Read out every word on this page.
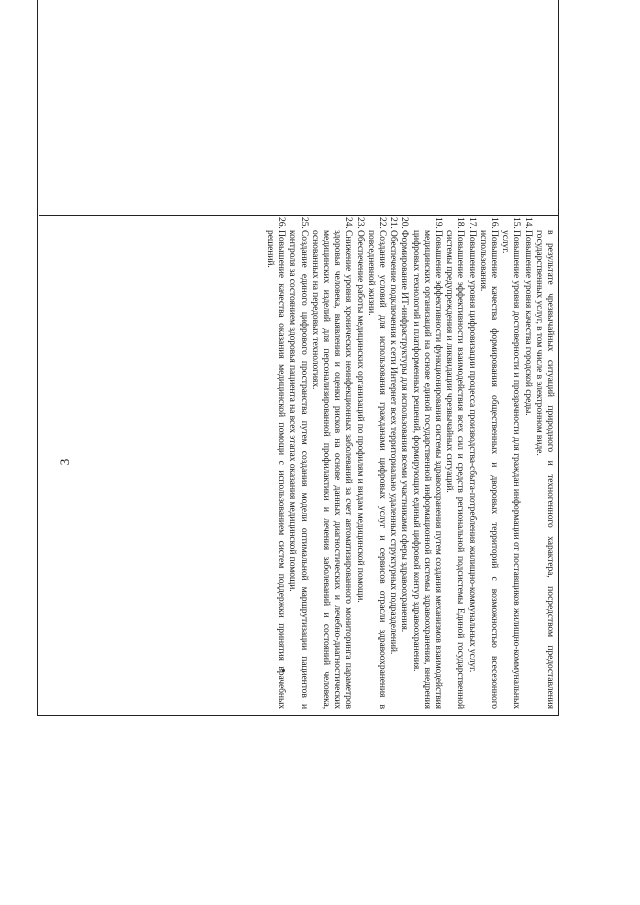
3	в результате чрезвычайных ситуаций природного и техногенного характера, посредством предоставления государственных услуг, в том числе в электронном виде.
14.
Повышение уровня качества городской среды.
15.
Повышение уровня достоверности и прозрачности для граждан информации от поставщиков жилищно-коммунальных услуг.
16.
Повышение качества формирования общественных и дворовых территорий с возможностью всесезонного использования.
17.
Повышение уровня цифровизации процесса производства-сбыта-потребления жилищно-коммунальных услуг.
18.
Повышение эффективности взаимодействия всех сил и средств региональной подсистемы Единой государственной системы предупреждения и ликвидации чрезвычайных ситуаций.
19.
Повышение эффективности функционирования системы здравоохранения путем создания механизмов взаимодействия медицинских организаций на основе единой государственной информационной системы здравоохранения, внедрения цифровых технологий и платформенных решений, формирующих единый цифровой контур здравоохранения.
20.
Формирование ИТ-инфраструктуры для использования всеми участниками сферы здравоохранения.
21.
Обеспечение подключения к сети Интернет всех территориально удаленных структурных подразделений.
22.
Создание условий для использования гражданами цифровых услуг и сервисов отрасли здравоохранения в повседневной жизни.
23.
Обеспечение работы медицинских организаций по профилям и видам медицинской помощи.
24.
Снижение уровня хронических неинфекционных заболеваний за счет автоматизированного мониторинга параметров здоровья человека, выявления и оценки рисков на основе данных диагностических и лечебно-диагностических медицинских изделий для персонализированной профилактики и лечения заболеваний и состояний человека, основанных на передовых технологиях.
25.
Создание единого цифрового пространства путем создания модели оптимальной маршрутизации пациентов и контроля за состоянием здоровья пациента на всех этапах оказания медицинской помощи.
26.
Повышение качества оказания медицинской помощи с использованием систем поддержки принятия врачебных решений.
